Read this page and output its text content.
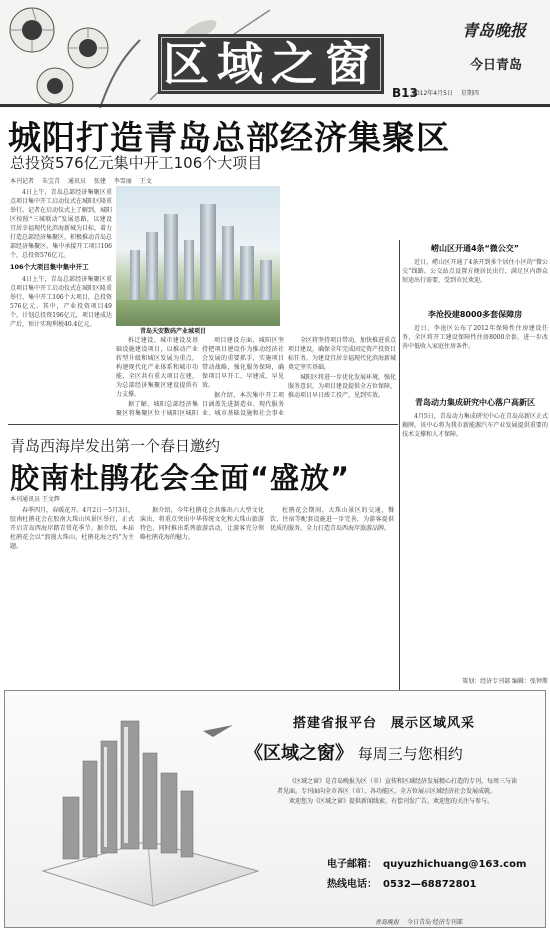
区域之窗
B13
青岛晚报
今日青岛
2012年4月5日 星期四
城阳打造青岛总部经济集聚区
总投资576亿元集中开工106个大项目
本刊记者 朱宝青 通讯员 张建 李雪丽 王文

4日上午，青岛总部经济集聚区重点项目集中开工启动仪式在城阳区隆重举行。记者在启动仪式上了解到，城阳区按照“三城联动”发展思路，以建设宜居幸福现代化滨海新城为目标，着力打造总部经济集聚区，积极推动青岛总部经济集聚区、集中承接开工项目106个，总投资576亿元。

106个大项目集中集中开工

4日上午，青岛总部经济集聚区重点项目集中开工启动仪式在城阳区隆重举行，集中开工106个大项目，总投资576亿元。其中，产业投资项目49个，计划总投资196亿元，项目建成达产后，预计实现利税40.4亿元。

青岛天安数码产业城项目

拆迁建设、城市建设及基础设施建设项目，以推动产业转型升级和城区发展为重点，构建现代化产业体系和城市功能，全区共有重大项目在建，为总部经济集聚区建设提供有力支撑。

据了解，城阳总部经济集聚区将集聚区位于城阳区城阳

项目建设方面，城阳区坚持把项目建设作为推动经济社会发展的重要抓手，实施项目带动战略，强化服务保障，确保项目早开工、早建成、早见效。

据介绍，本次集中开工项目涵盖先进制造业、现代服务业、城市基础设施和社会事业

全区将坚持项目带动，加快推进重点项目建设，确保全年完成固定资产投资目标任务，为建设宜居幸福现代化滨海新城奠定坚实基础。

城阳区将进一步优化发展环境，强化服务意识，为项目建设提供全方位保障，推动项目早日竣工投产，见到实效。

崂山区开通4条“微公交”

近日，崂山区开通了4条开到多个居住小区的“微公交”线路。公交站点设置方便居民出行，满足区内群众短途出行需要，受到市民欢迎。

李沧投建8000多套保障房

近日，李沧区公布了2012年保障性住房建设任务，全区将开工建设保障性住房8000余套，进一步改善中低收入家庭住房条件。

青岛动力集成研究中心落户高新区

4月5日，青岛动力集成研究中心在青岛高新区正式揭牌，该中心将为我市新能源汽车产业发展提供重要的技术支撑和人才保障。

青岛西海岸发出第一个春日邀约
胶南杜鹃花会全面“盛放”
本刊通讯员 王文辉

春季四月，春暖花开。4月2日一5月3日，胶南杜鹃花会在胶南大珠山风景区举行，正式开启青岛西海岸踏青赏花季节。据介绍，本届杜鹃花会以“浪漫大珠山，杜鹃花海之约”为主题。

据介绍，今年杜鹃花会共推出六大型文化演出，将重点突出中华传统文化和大珠山旅游特色，同时推出系列旅游活动，让游客充分领略杜鹃花海的魅力。

杜鹃花会期间，大珠山景区的交通、餐饮、住宿等配套设施进一步完善，为游客提供优质的服务，全力打造青岛西海岸旅游品牌。

策划：经济专刊部 编辑：张钟斯
搭建省报平台　展示区域风采
《区域之窗》 每周三与您相约

《区域之窗》是青岛晚报为区（市）宣传和区域经济发展精心打造的专刊，每周三与读者见面。专刊面向全市各区（市）、各功能区，全方位展示区域经济社会发展成就。

欢迎您为《区域之窗》提供新闻线索，有偿刊发广告，欢迎您的关注与参与。

电子邮箱： quyuzhichuang@163.com
热线电话： 0532—68872801
青岛晚报 今日青岛·经济专刊部
